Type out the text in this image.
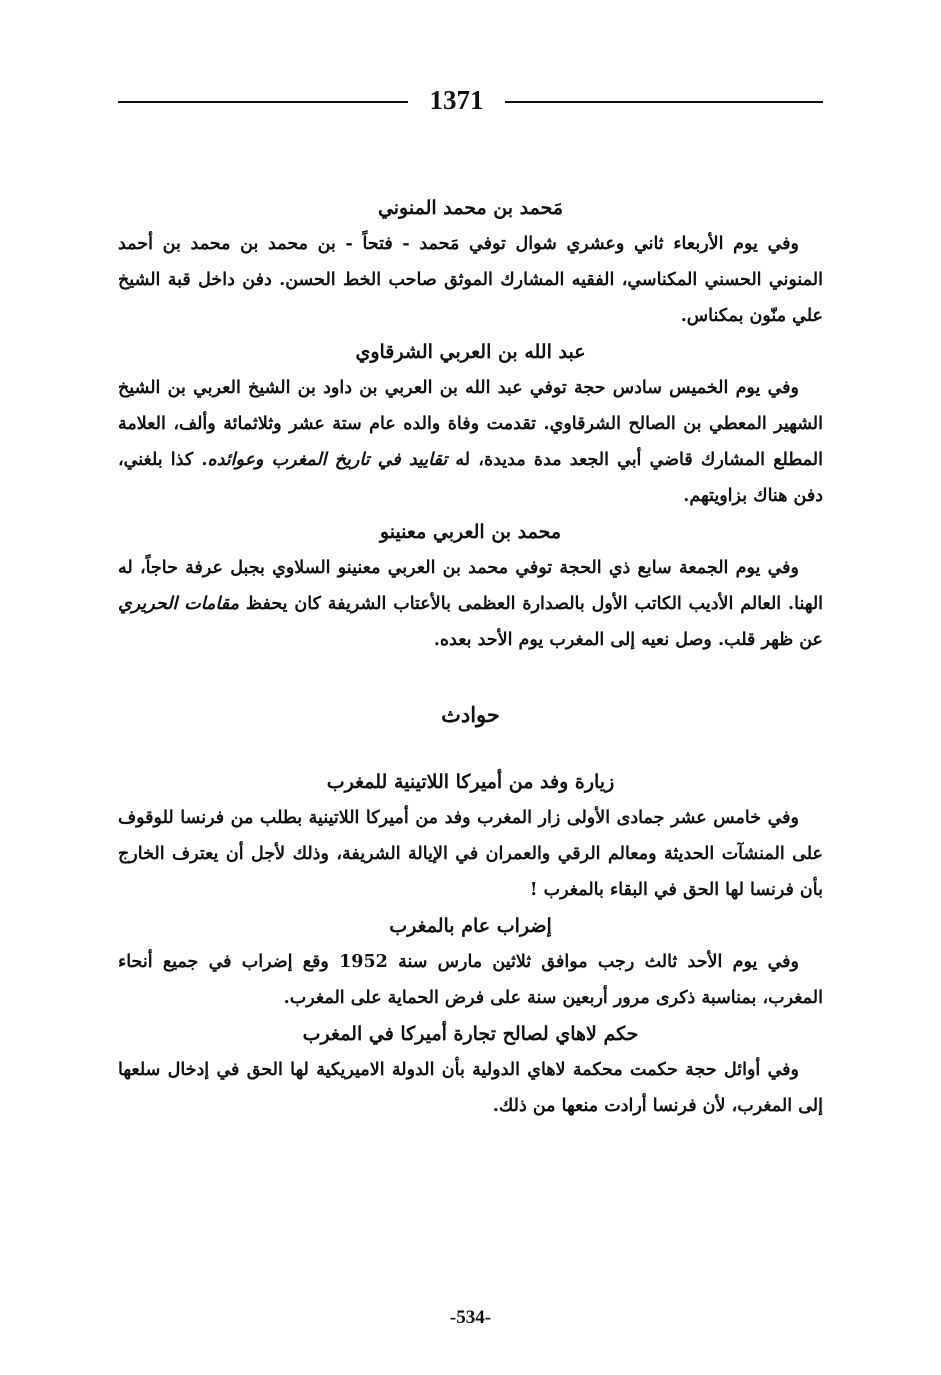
1371
مَحمد بن محمد المنوني

وفي يوم الأربعاء ثاني وعشري شوال توفي مَحمد - فتحاً - بن محمد بن محمد بن أحمد المنوني الحسني المكناسي، الفقيه المشارك الموثق صاحب الخط الحسن. دفن داخل قبة الشيخ علي منّون بمكناس.

عبد الله بن العربي الشرقاوي

وفي يوم الخميس سادس حجة توفي عبد الله بن العربي بن داود بن الشيخ العربي بن الشيخ الشهير المعطي بن الصالح الشرقاوي. تقدمت وفاة والده عام ستة عشر وثلاثمائة وألف، العلامة المطلع المشارك قاضي أبي الجعد مدة مديدة، له تقاييد في تاريخ المغرب وعوائده. كذا بلغني، دفن هناك بزاويتهم.

محمد بن العربي معنينو

وفي يوم الجمعة سابع ذي الحجة توفي محمد بن العربي معنينو السلاوي بجبل عرفة حاجاً، له الهنا. العالم الأديب الكاتب الأول بالصدارة العظمى بالأعتاب الشريفة كان يحفظ مقامات الحريري عن ظهر قلب. وصل نعيه إلى المغرب يوم الأحد بعده.

حوادث
زيارة وفد من أميركا اللاتينية للمغرب

وفي خامس عشر جمادى الأولى زار المغرب وفد من أميركا اللاتينية بطلب من فرنسا للوقوف على المنشآت الحديثة ومعالم الرقي والعمران في الإيالة الشريفة، وذلك لأجل أن يعترف الخارج بأن فرنسا لها الحق في البقاء بالمغرب !

إضراب عام بالمغرب

وفي يوم الأحد ثالث رجب موافق ثلاثين مارس سنة 1952 وقع إضراب في جميع أنحاء المغرب، بمناسبة ذكرى مرور أربعين سنة على فرض الحماية على المغرب.

حكم لاهاي لصالح تجارة أميركا في المغرب

وفي أوائل حجة حكمت محكمة لاهاي الدولية بأن الدولة الاميريكية لها الحق في إدخال سلعها إلى المغرب، لأن فرنسا أرادت منعها من ذلك.

-534-
